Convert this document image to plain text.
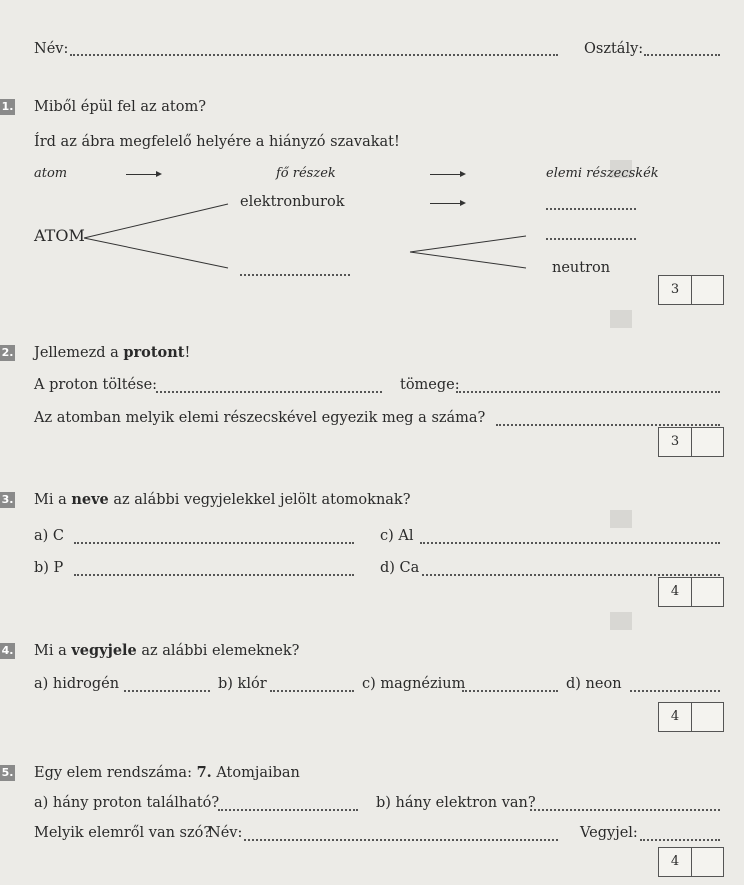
Név:	Osztály:
1. Miből épül fel az atom?
Írd az ábra megfelelő helyére a hiányzó szavakat!
atom	fő részek	elemi részecskék
elektronburok
ATOM
neutron
3
2. Jellemezd a protont!
A proton töltése:	tömege:
Az atomban melyik elemi részecskével egyezik meg a száma?
3
3. Mi a neve az alábbi vegyjelekkel jelölt atomoknak?
a) C	c) Al
b) P	d) Ca
4
4. Mi a vegyjele az alábbi elemeknek?
a) hidrogén	b) klór	c) magnézium	d) neon
4
5. Egy elem rendszáma: 7. Atomjaiban
a) hány proton található?	b) hány elektron van?
Melyik elemről van szó?
Név:	Vegyjel:
4
